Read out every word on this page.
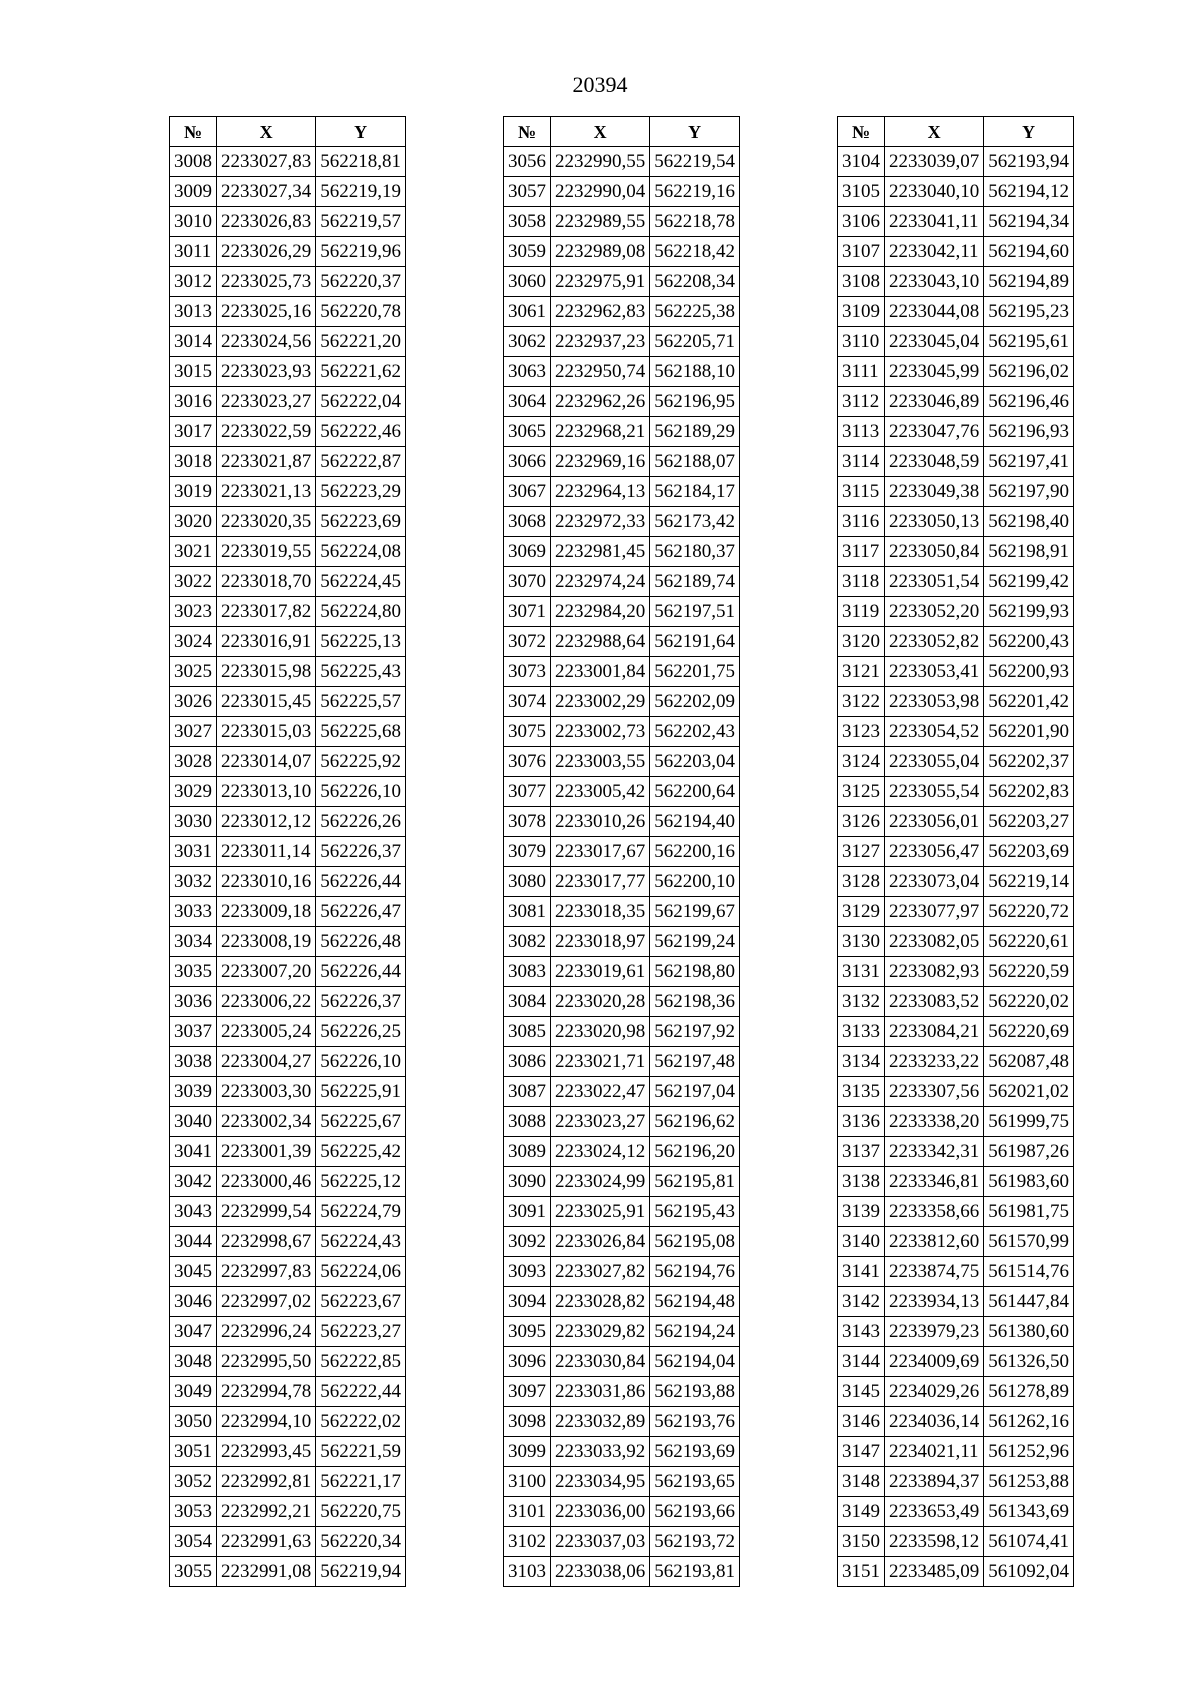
20394
№	X	Y
3008	2233027,83	562218,81
3009	2233027,34	562219,19
3010	2233026,83	562219,57
3011	2233026,29	562219,96
3012	2233025,73	562220,37
3013	2233025,16	562220,78
3014	2233024,56	562221,20
3015	2233023,93	562221,62
3016	2233023,27	562222,04
3017	2233022,59	562222,46
3018	2233021,87	562222,87
3019	2233021,13	562223,29
3020	2233020,35	562223,69
3021	2233019,55	562224,08
3022	2233018,70	562224,45
3023	2233017,82	562224,80
3024	2233016,91	562225,13
3025	2233015,98	562225,43
3026	2233015,45	562225,57
3027	2233015,03	562225,68
3028	2233014,07	562225,92
3029	2233013,10	562226,10
3030	2233012,12	562226,26
3031	2233011,14	562226,37
3032	2233010,16	562226,44
3033	2233009,18	562226,47
3034	2233008,19	562226,48
3035	2233007,20	562226,44
3036	2233006,22	562226,37
3037	2233005,24	562226,25
3038	2233004,27	562226,10
3039	2233003,30	562225,91
3040	2233002,34	562225,67
3041	2233001,39	562225,42
3042	2233000,46	562225,12
3043	2232999,54	562224,79
3044	2232998,67	562224,43
3045	2232997,83	562224,06
3046	2232997,02	562223,67
3047	2232996,24	562223,27
3048	2232995,50	562222,85
3049	2232994,78	562222,44
3050	2232994,10	562222,02
3051	2232993,45	562221,59
3052	2232992,81	562221,17
3053	2232992,21	562220,75
3054	2232991,63	562220,34
3055	2232991,08	562219,94
№	X	Y
3056	2232990,55	562219,54
3057	2232990,04	562219,16
3058	2232989,55	562218,78
3059	2232989,08	562218,42
3060	2232975,91	562208,34
3061	2232962,83	562225,38
3062	2232937,23	562205,71
3063	2232950,74	562188,10
3064	2232962,26	562196,95
3065	2232968,21	562189,29
3066	2232969,16	562188,07
3067	2232964,13	562184,17
3068	2232972,33	562173,42
3069	2232981,45	562180,37
3070	2232974,24	562189,74
3071	2232984,20	562197,51
3072	2232988,64	562191,64
3073	2233001,84	562201,75
3074	2233002,29	562202,09
3075	2233002,73	562202,43
3076	2233003,55	562203,04
3077	2233005,42	562200,64
3078	2233010,26	562194,40
3079	2233017,67	562200,16
3080	2233017,77	562200,10
3081	2233018,35	562199,67
3082	2233018,97	562199,24
3083	2233019,61	562198,80
3084	2233020,28	562198,36
3085	2233020,98	562197,92
3086	2233021,71	562197,48
3087	2233022,47	562197,04
3088	2233023,27	562196,62
3089	2233024,12	562196,20
3090	2233024,99	562195,81
3091	2233025,91	562195,43
3092	2233026,84	562195,08
3093	2233027,82	562194,76
3094	2233028,82	562194,48
3095	2233029,82	562194,24
3096	2233030,84	562194,04
3097	2233031,86	562193,88
3098	2233032,89	562193,76
3099	2233033,92	562193,69
3100	2233034,95	562193,65
3101	2233036,00	562193,66
3102	2233037,03	562193,72
3103	2233038,06	562193,81
№	X	Y
3104	2233039,07	562193,94
3105	2233040,10	562194,12
3106	2233041,11	562194,34
3107	2233042,11	562194,60
3108	2233043,10	562194,89
3109	2233044,08	562195,23
3110	2233045,04	562195,61
3111	2233045,99	562196,02
3112	2233046,89	562196,46
3113	2233047,76	562196,93
3114	2233048,59	562197,41
3115	2233049,38	562197,90
3116	2233050,13	562198,40
3117	2233050,84	562198,91
3118	2233051,54	562199,42
3119	2233052,20	562199,93
3120	2233052,82	562200,43
3121	2233053,41	562200,93
3122	2233053,98	562201,42
3123	2233054,52	562201,90
3124	2233055,04	562202,37
3125	2233055,54	562202,83
3126	2233056,01	562203,27
3127	2233056,47	562203,69
3128	2233073,04	562219,14
3129	2233077,97	562220,72
3130	2233082,05	562220,61
3131	2233082,93	562220,59
3132	2233083,52	562220,02
3133	2233084,21	562220,69
3134	2233233,22	562087,48
3135	2233307,56	562021,02
3136	2233338,20	561999,75
3137	2233342,31	561987,26
3138	2233346,81	561983,60
3139	2233358,66	561981,75
3140	2233812,60	561570,99
3141	2233874,75	561514,76
3142	2233934,13	561447,84
3143	2233979,23	561380,60
3144	2234009,69	561326,50
3145	2234029,26	561278,89
3146	2234036,14	561262,16
3147	2234021,11	561252,96
3148	2233894,37	561253,88
3149	2233653,49	561343,69
3150	2233598,12	561074,41
3151	2233485,09	561092,04
